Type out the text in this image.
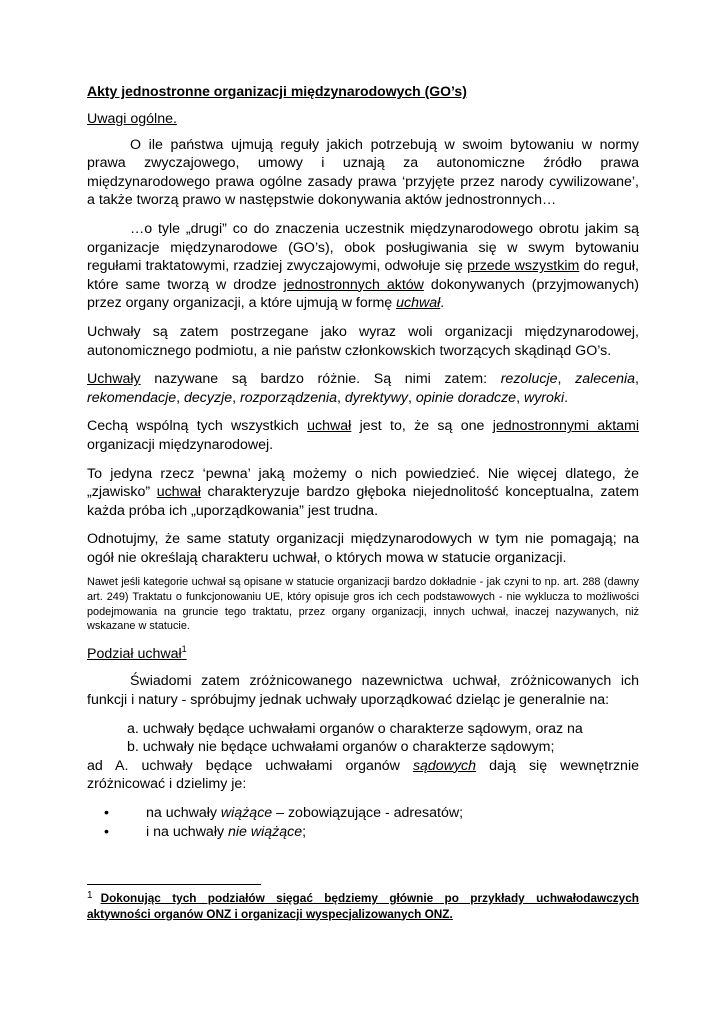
Akty jednostronne organizacji międzynarodowych (GO’s)

Uwagi ogólne.

O ile państwa ujmują reguły jakich potrzebują w swoim bytowaniu w normy prawa zwyczajowego, umowy i uznają za autonomiczne źródło prawa międzynarodowego prawa ogólne zasady prawa ‘przyjęte przez narody cywilizowane’, a także tworzą prawo w następstwie dokonywania aktów jednostronnych…

…o tyle „drugi” co do znaczenia uczestnik międzynarodowego obrotu jakim są organizacje międzynarodowe (GO’s), obok posługiwania się w swym bytowaniu regułami traktatowymi, rzadziej zwyczajowymi, odwołuje się przede wszystkim do reguł, które same tworzą w drodze jednostronnych aktów dokonywanych (przyjmowanych) przez organy organizacji, a które ujmują w formę uchwał.

Uchwały są zatem postrzegane jako wyraz woli organizacji międzynarodowej, autonomicznego podmiotu, a nie państw członkowskich tworzących skądinąd GO’s.

Uchwały nazywane są bardzo różnie. Są nimi zatem: rezolucje, zalecenia, rekomendacje, decyzje, rozporządzenia, dyrektywy, opinie doradcze, wyroki.

Cechą wspólną tych wszystkich uchwał jest to, że są one jednostronnymi aktami organizacji międzynarodowej.

To jedyna rzecz ‘pewna’ jaką możemy o nich powiedzieć. Nie więcej dlatego, że „zjawisko” uchwał charakteryzuje bardzo głęboka niejednolitość konceptualna, zatem każda próba ich „uporządkowania” jest trudna.

Odnotujmy, że same statuty organizacji międzynarodowych w tym nie pomagają; na ogół nie określają charakteru uchwał, o których mowa w statucie organizacji.

Nawet jeśli kategorie uchwał są opisane w statucie organizacji bardzo dokładnie - jak czyni to np. art. 288 (dawny art. 249) Traktatu o funkcjonowaniu UE, który opisuje gros ich cech podstawowych - nie wyklucza to możliwości podejmowania na gruncie tego traktatu, przez organy organizacji, innych uchwał, inaczej nazywanych, niż wskazane w statucie.

Podział uchwał$^1$

Świadomi zatem zróżnicowanego nazewnictwa uchwał, zróżnicowanych ich funkcji i natury - spróbujmy jednak uchwały uporządkować dzieląc je generalnie na:

a. uchwały będące uchwałami organów o charakterze sądowym, oraz na

b. uchwały nie będące uchwałami organów o charakterze sądowym;

ad A. uchwały będące uchwałami organów sądowych dają się wewnętrznie zróżnicować i dzielimy je:

•	na uchwały wiążące – zobowiązujące - adresatów;
•	i na uchwały nie wiążące;
$^1$ Dokonując tych podziałów sięgać będziemy głównie po przykłady uchwałodawczych aktywności organów ONZ i organizacji wyspecjalizowanych ONZ.
